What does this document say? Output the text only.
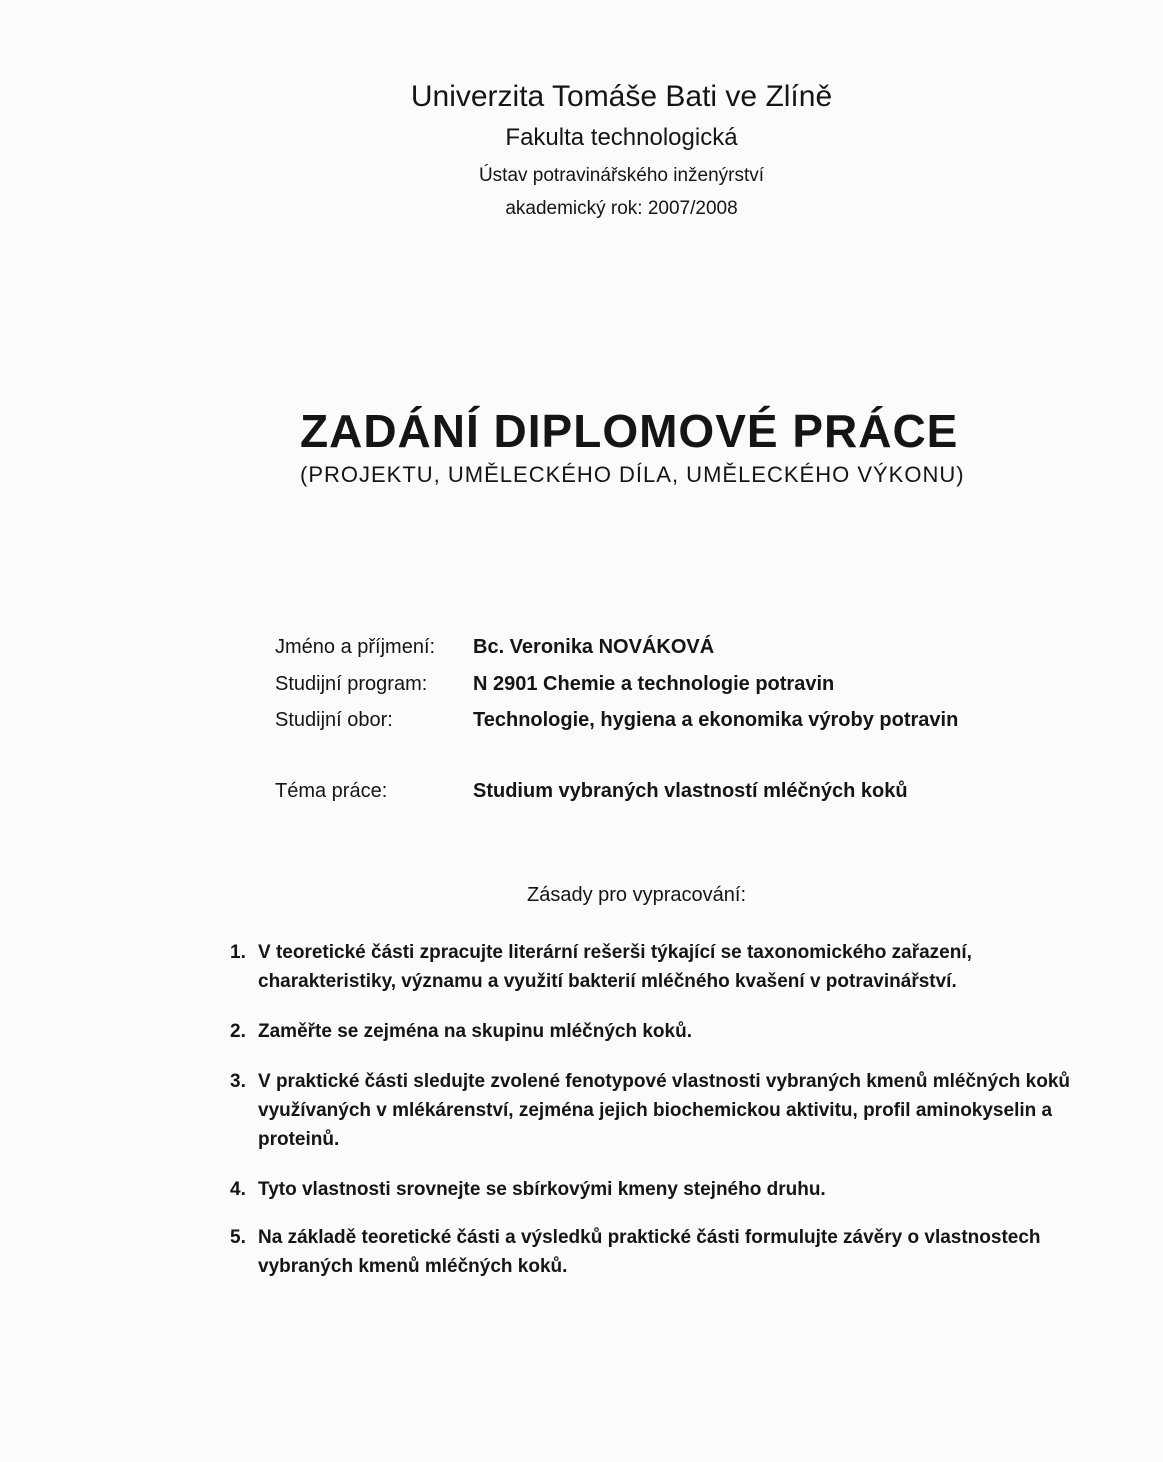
Univerzita Tomáše Bati ve Zlíně
Fakulta technologická
Ústav potravinářského inženýrství
akademický rok: 2007/2008
ZADÁNÍ DIPLOMOVÉ PRÁCE
(PROJEKTU, UMĚLECKÉHO DÍLA, UMĚLECKÉHO VÝKONU)
Jméno a příjmení: Bc. Veronika NOVÁKOVÁ
Studijní program: N 2901 Chemie a technologie potravin
Studijní obor:	Technologie, hygiena a ekonomika výroby potravin
Téma práce:	Studium vybraných vlastností mléčných koků
Zásady pro vypracování:
1. V teoretické části zpracujte literární rešerši týkající se taxonomického zařazení, charakteristiky, významu a využití bakterií mléčného kvašení v potravinářství.
2. Zaměřte se zejména na skupinu mléčných koků.
3. V praktické části sledujte zvolené fenotypové vlastnosti vybraných kmenů mléčných koků využívaných v mlékárenství, zejména jejich biochemickou aktivitu, profil aminokyselin a proteinů.
4. Tyto vlastnosti srovnejte se sbírkovými kmeny stejného druhu.
5. Na základě teoretické části a výsledků praktické části formulujte závěry o vlastnostech vybraných kmenů mléčných koků.
